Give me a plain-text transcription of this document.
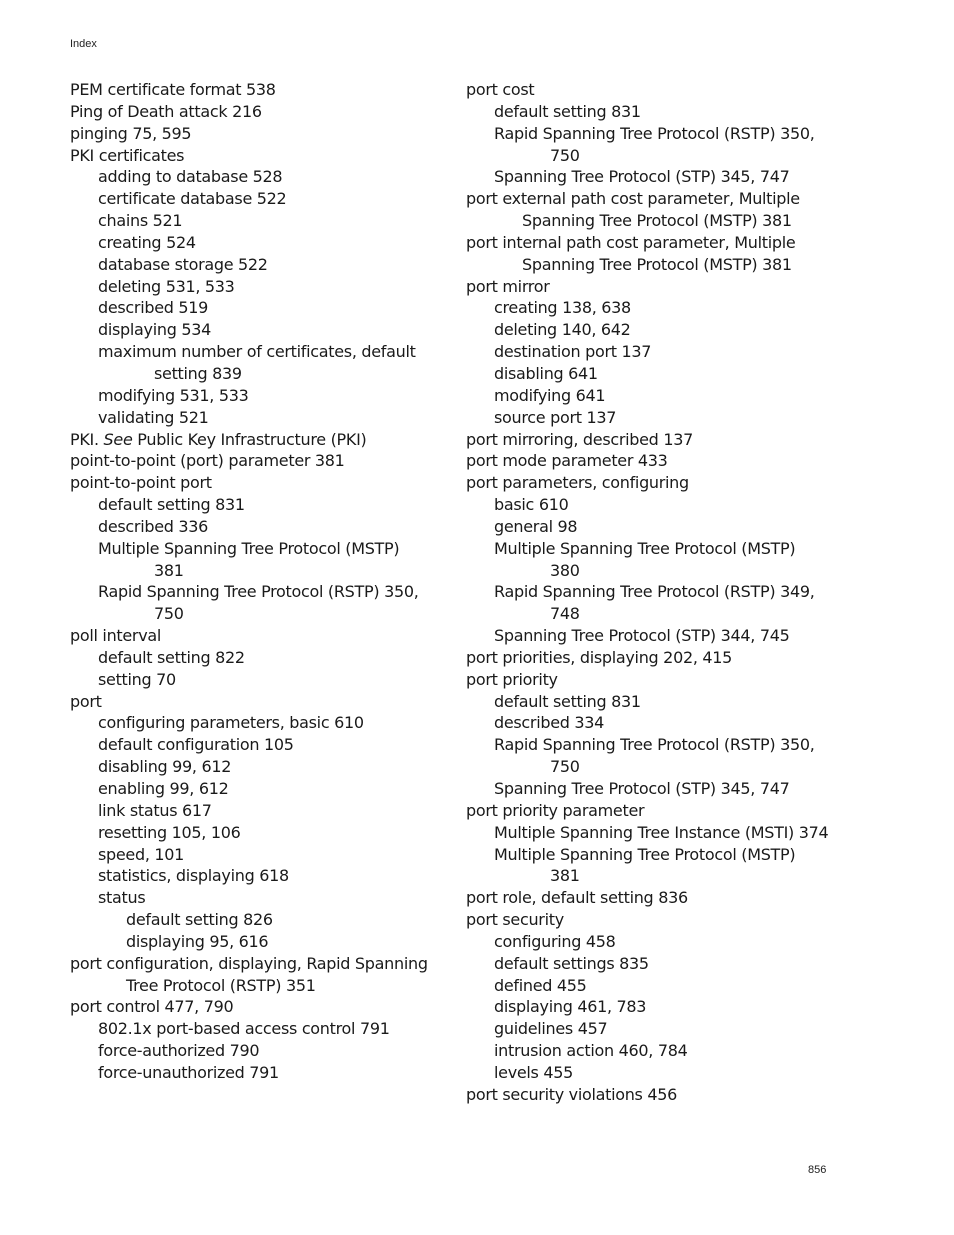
Index
PEM certificate format 538
Ping of Death attack 216
pinging 75, 595
PKI certificates
adding to database 528
certificate database 522
chains 521
creating 524
database storage 522
deleting 531, 533
described 519
displaying 534
maximum number of certificates, default
setting 839
modifying 531, 533
validating 521
PKI. See Public Key Infrastructure (PKI)
point-to-point (port) parameter 381
point-to-point port
default setting 831
described 336
Multiple Spanning Tree Protocol (MSTP)
381
Rapid Spanning Tree Protocol (RSTP) 350,
750
poll interval
default setting 822
setting 70
port
configuring parameters, basic 610
default configuration 105
disabling 99, 612
enabling 99, 612
link status 617
resetting 105, 106
speed, 101
statistics, displaying 618
status
default setting 826
displaying 95, 616
port configuration, displaying, Rapid Spanning
Tree Protocol (RSTP) 351
port control 477, 790
802.1x port-based access control 791
force-authorized 790
force-unauthorized 791
port cost
default setting 831
Rapid Spanning Tree Protocol (RSTP) 350,
750
Spanning Tree Protocol (STP) 345, 747
port external path cost parameter, Multiple
Spanning Tree Protocol (MSTP) 381
port internal path cost parameter, Multiple
Spanning Tree Protocol (MSTP) 381
port mirror
creating 138, 638
deleting 140, 642
destination port 137
disabling 641
modifying 641
source port 137
port mirroring, described 137
port mode parameter 433
port parameters, configuring
basic 610
general 98
Multiple Spanning Tree Protocol (MSTP)
380
Rapid Spanning Tree Protocol (RSTP) 349,
748
Spanning Tree Protocol (STP) 344, 745
port priorities, displaying 202, 415
port priority
default setting 831
described 334
Rapid Spanning Tree Protocol (RSTP) 350,
750
Spanning Tree Protocol (STP) 345, 747
port priority parameter
Multiple Spanning Tree Instance (MSTI) 374
Multiple Spanning Tree Protocol (MSTP)
381
port role, default setting 836
port security
configuring 458
default settings 835
defined 455
displaying 461, 783
guidelines 457
intrusion action 460, 784
levels 455
port security violations 456
856
